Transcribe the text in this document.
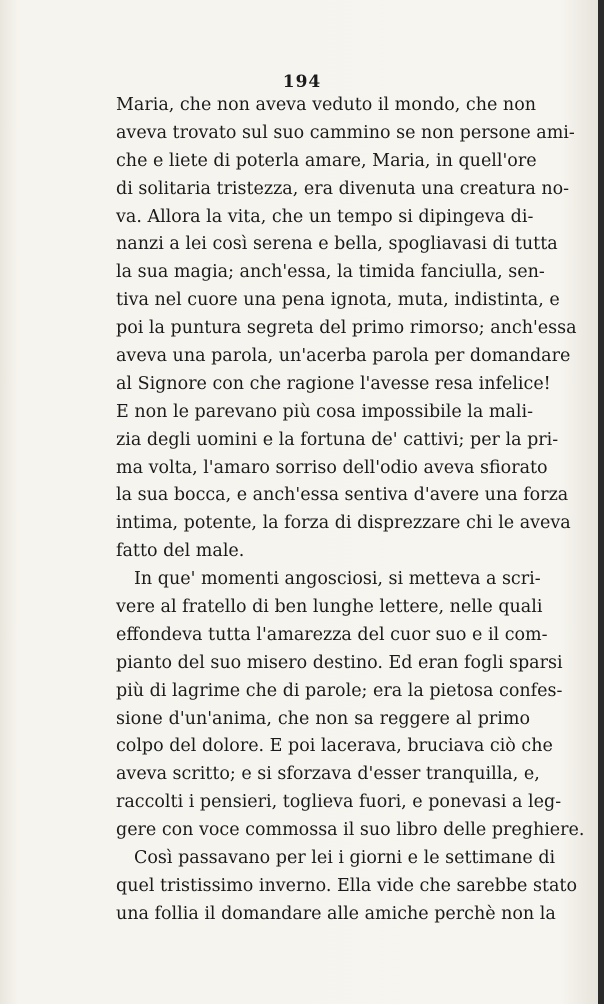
194
Maria, che non aveva veduto il mondo, che non
aveva trovato sul suo cammino se non persone ami-
che e liete di poterla amare, Maria, in quell'ore
di solitaria tristezza, era divenuta una creatura no-
va. Allora la vita, che un tempo si dipingeva di-
nanzi a lei così serena e bella, spogliavasi di tutta
la sua magia; anch'essa, la timida fanciulla, sen-
tiva nel cuore una pena ignota, muta, indistinta, e
poi la puntura segreta del primo rimorso; anch'essa
aveva una parola, un'acerba parola per domandare
al Signore con che ragione l'avesse resa infelice!
E non le parevano più cosa impossibile la mali-
zia degli uomini e la fortuna de' cattivi; per la pri-
ma volta, l'amaro sorriso dell'odio aveva sfiorato
la sua bocca, e anch'essa sentiva d'avere una forza
intima, potente, la forza di disprezzare chi le aveva
fatto del male.
In que' momenti angosciosi, si metteva a scri-
vere al fratello di ben lunghe lettere, nelle quali
effondeva tutta l'amarezza del cuor suo e il com-
pianto del suo misero destino. Ed eran fogli sparsi
più di lagrime che di parole; era la pietosa confes-
sione d'un'anima, che non sa reggere al primo
colpo del dolore. E poi lacerava, bruciava ciò che
aveva scritto; e si sforzava d'esser tranquilla, e,
raccolti i pensieri, toglieva fuori, e ponevasi a leg-
gere con voce commossa il suo libro delle preghiere.
Così passavano per lei i giorni e le settimane di
quel tristissimo inverno. Ella vide che sarebbe stato
una follia il domandare alle amiche perchè non la
